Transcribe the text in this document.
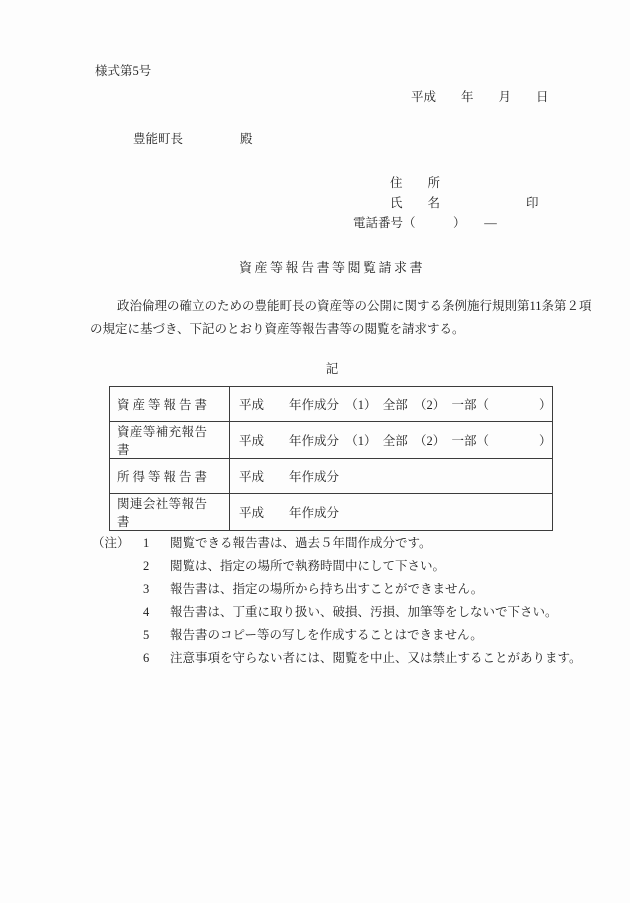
様式第5号
平成　　年　　月　　日
豊能町長	殿
住　　所
氏　　名	印
電話番号（　　　）　　―
資産等報告書等閲覧請求書
政治倫理の確立のための豊能町長の資産等の公開に関する条例施行規則第11条第２項
の規定に基づき、下記のとおり資産等報告書等の閲覧を請求する。
記
資産等報告書	平成　　年作成分　（1）　全部　（2）　一部（　　　　）

資産等補充報告書	平成　　年作成分　（1）　全部　（2）　一部（　　　　）

所得等報告書	平成　　年作成分

関連会社等報告書	平成　　年作成分
（注）	1	閲覧できる報告書は、過去５年間作成分です。
2	閲覧は、指定の場所で執務時間中にして下さい。
3	報告書は、指定の場所から持ち出すことができません。
4	報告書は、丁重に取り扱い、破損、汚損、加筆等をしないで下さい。
5	報告書のコピー等の写しを作成することはできません。
6	注意事項を守らない者には、閲覧を中止、又は禁止することがあります。
